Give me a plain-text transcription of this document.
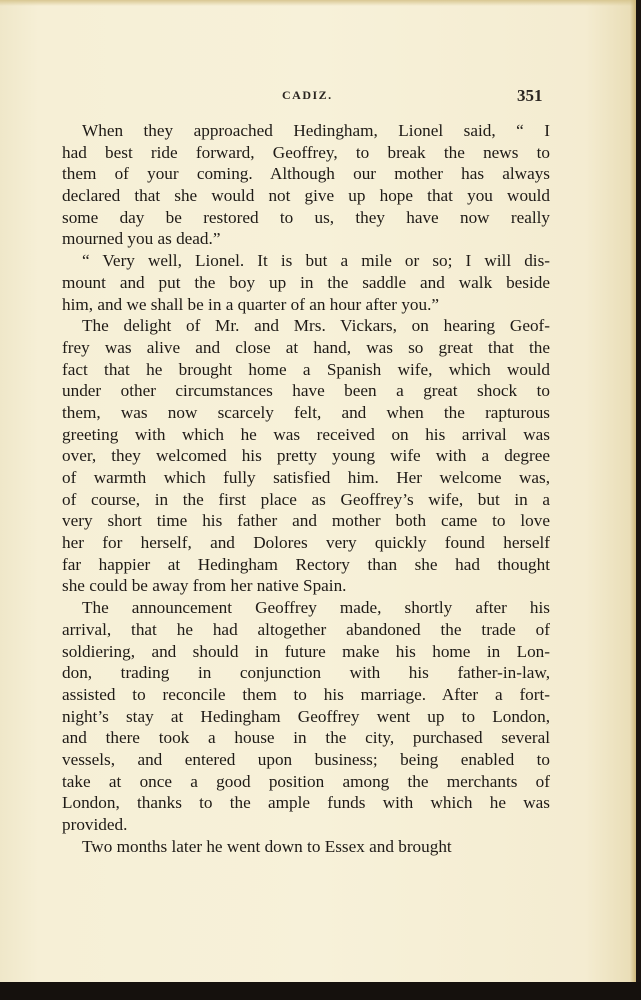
CADIZ.	351

When they approached Hedingham, Lionel said, “ I
had best ride forward, Geoffrey, to break the news to
them of your coming. Although our mother has always
declared that she would not give up hope that you would
some day be restored to us, they have now really
mourned you as dead.”

“ Very well, Lionel. It is but a mile or so; I will dis-
mount and put the boy up in the saddle and walk beside
him, and we shall be in a quarter of an hour after you.”

The delight of Mr. and Mrs. Vickars, on hearing Geof-
frey was alive and close at hand, was so great that the
fact that he brought home a Spanish wife, which would
under other circumstances have been a great shock to
them, was now scarcely felt, and when the rapturous
greeting with which he was received on his arrival was
over, they welcomed his pretty young wife with a degree
of warmth which fully satisfied him. Her welcome was,
of course, in the first place as Geoffrey’s wife, but in a
very short time his father and mother both came to love
her for herself, and Dolores very quickly found herself
far happier at Hedingham Rectory than she had thought
she could be away from her native Spain.

The announcement Geoffrey made, shortly after his
arrival, that he had altogether abandoned the trade of
soldiering, and should in future make his home in Lon-
don, trading in conjunction with his father-in-law,
assisted to reconcile them to his marriage. After a fort-
night’s stay at Hedingham Geoffrey went up to London,
and there took a house in the city, purchased several
vessels, and entered upon business; being enabled to
take at once a good position among the merchants of
London, thanks to the ample funds with which he was
provided.

Two months later he went down to Essex and brought
